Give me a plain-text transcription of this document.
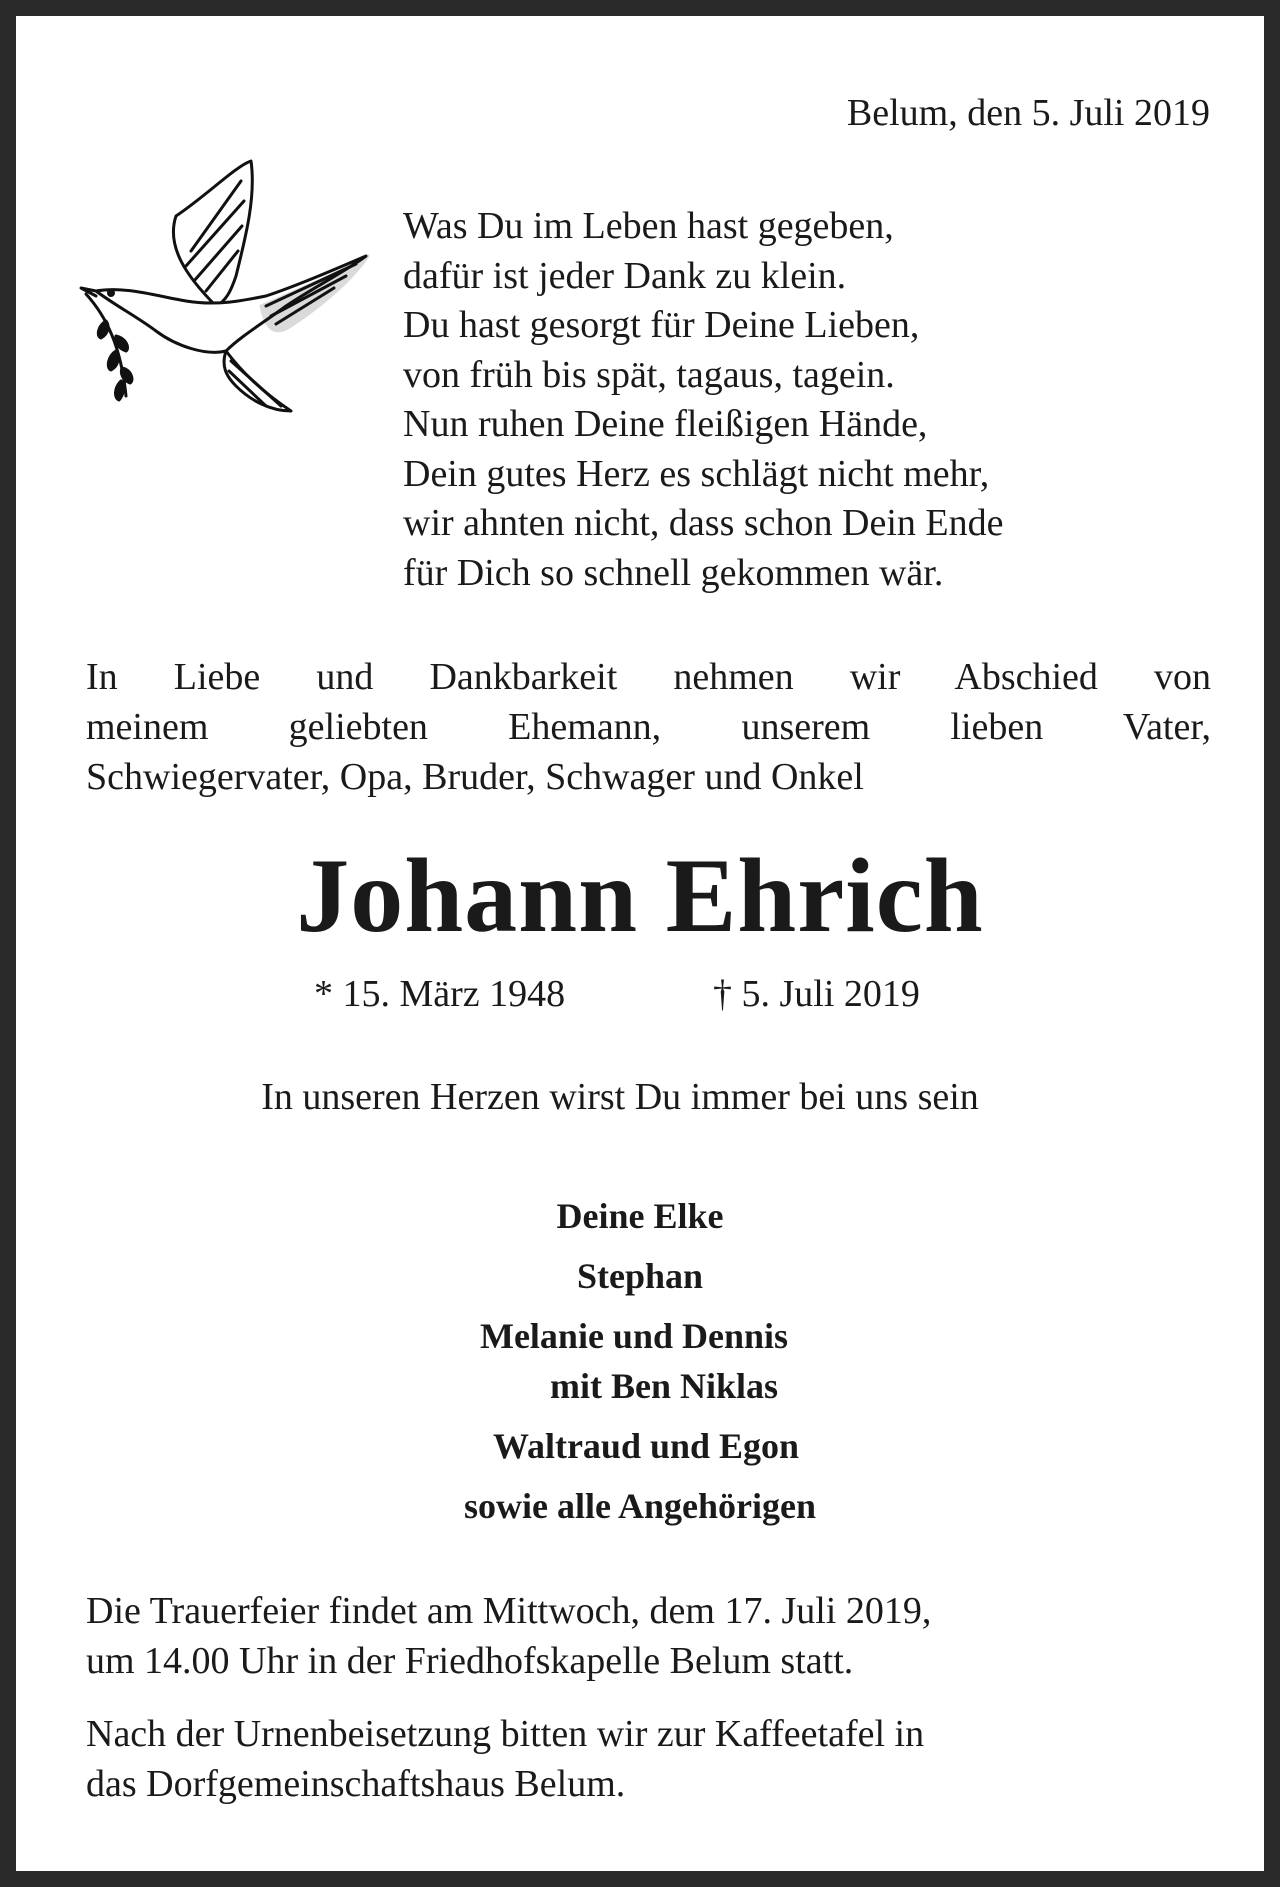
Belum, den 5. Juli 2019
Was Du im Leben hast gegeben,
dafür ist jeder Dank zu klein.
Du hast gesorgt für Deine Lieben,
von früh bis spät, tagaus, tagein.
Nun ruhen Deine fleißigen Hände,
Dein gutes Herz es schlägt nicht mehr,
wir ahnten nicht, dass schon Dein Ende
für Dich so schnell gekommen wär.
In Liebe und Dankbarkeit nehmen wir Abschied von
meinem geliebten Ehemann, unserem lieben Vater,
Schwiegervater, Opa, Bruder, Schwager und Onkel
Johann Ehrich
* 15. März 1948	† 5. Juli 2019
In unseren Herzen wirst Du immer bei uns sein
Deine Elke
Stephan
Melanie und Dennis
mit Ben Niklas
Waltraud und Egon
sowie alle Angehörigen
Die Trauerfeier findet am Mittwoch, dem 17. Juli 2019,
um 14.00 Uhr in der Friedhofskapelle Belum statt.
Nach der Urnenbeisetzung bitten wir zur Kaffeetafel in
das Dorfgemeinschaftshaus Belum.
